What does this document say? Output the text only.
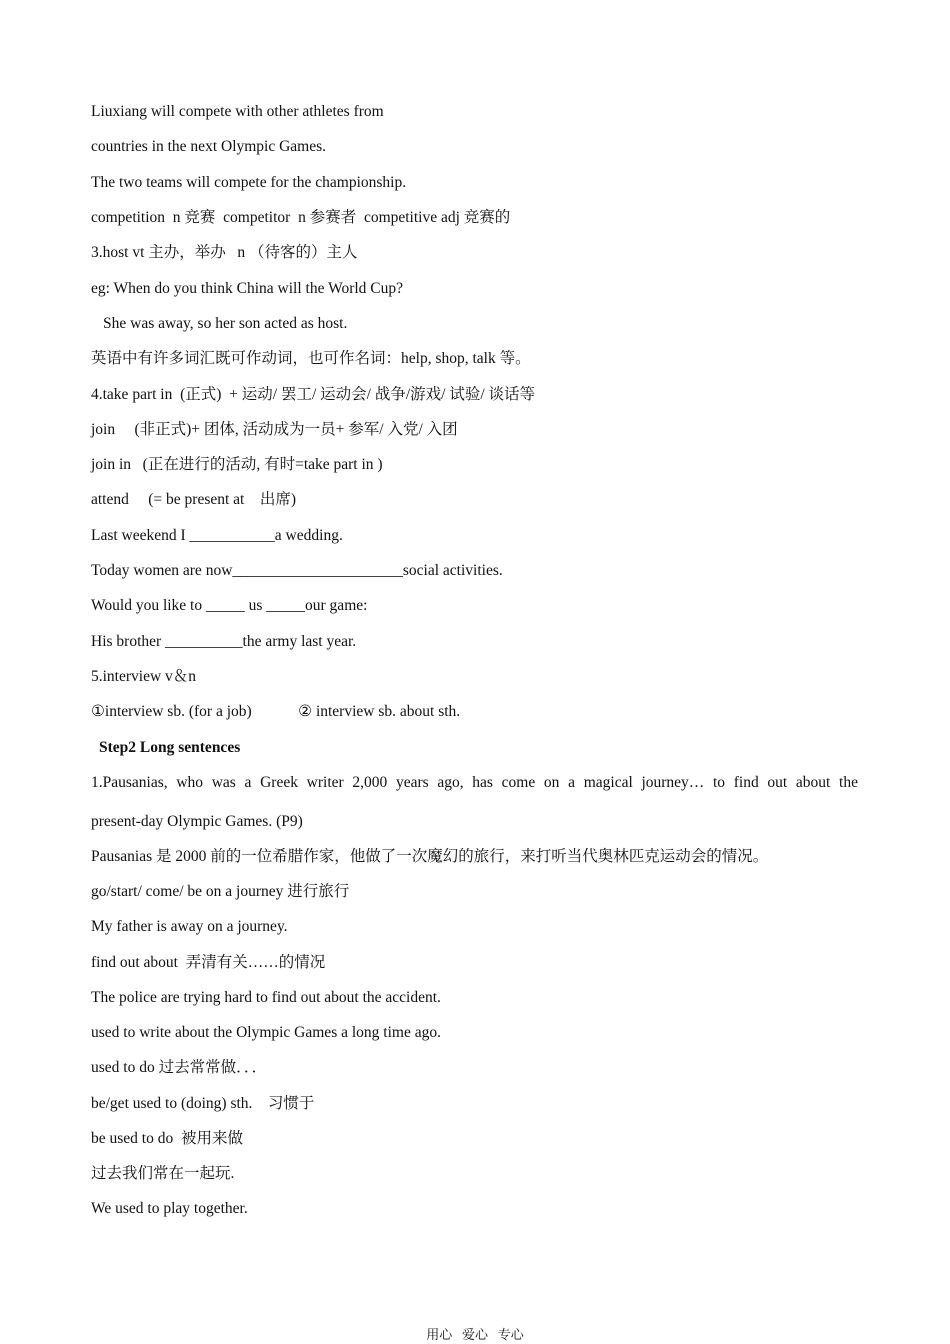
Liuxiang will compete with other athletes from
countries in the next Olympic Games.
The two teams will compete for the championship.
competition  n 竞赛  competitor  n 参赛者  competitive adj 竞赛的
3.host vt 主办，举办   n （待客的）主人
eg: When do you think China will the World Cup?
She was away, so her son acted as host.
英语中有许多词汇既可作动词，也可作名词：help, shop, talk 等。
4.take part in  (正式)  + 运动/ 罢工/ 运动会/ 战争/游戏/ 试验/ 谈话等
join     (非正式)+ 团体, 活动成为一员+ 参军/ 入党/ 入团
join in   (正在进行的活动, 有时=take part in )
attend     (= be present at    出席)
Last weekend I ___________a wedding.
Today women are now______________________social activities.
Would you like to _____ us _____our game:
His brother __________the army last year.
5.interview v＆n
①interview sb. (for a job)            ② interview sb. about sth.
Step2 Long sentences
1.Pausanias, who was a Greek writer 2,000 years ago, has come on a magical journey… to find out about the
present-day Olympic Games. (P9)
Pausanias 是 2000 前的一位希腊作家，他做了一次魔幻的旅行，来打听当代奥林匹克运动会的情况。
go/start/ come/ be on a journey 进行旅行
My father is away on a journey.
find out about  弄清有关……的情况
The police are trying hard to find out about the accident.
used to write about the Olympic Games a long time ago.
used to do 过去常常做．．．
be/get used to (doing) sth.    习惯于
be used to do  被用来做
过去我们常在一起玩.
We used to play together.
用心   爱心   专心
